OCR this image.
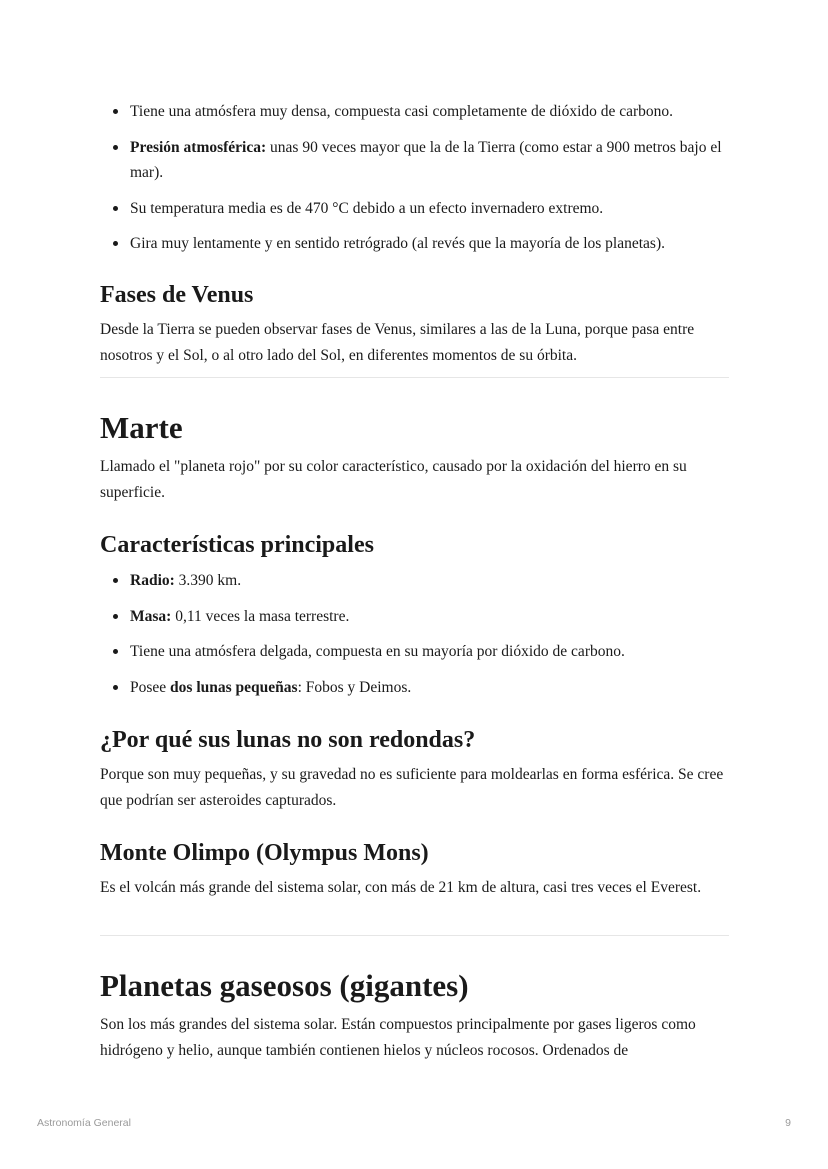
Tiene una atmósfera muy densa, compuesta casi completamente de dióxido de carbono.
Presión atmosférica: unas 90 veces mayor que la de la Tierra (como estar a 900 metros bajo el mar).
Su temperatura media es de 470 °C debido a un efecto invernadero extremo.
Gira muy lentamente y en sentido retrógrado (al revés que la mayoría de los planetas).
Fases de Venus

Desde la Tierra se pueden observar fases de Venus, similares a las de la Luna, porque pasa entre nosotros y el Sol, o al otro lado del Sol, en diferentes momentos de su órbita.

Marte

Llamado el "planeta rojo" por su color característico, causado por la oxidación del hierro en su superficie.

Características principales
Radio: 3.390 km.
Masa: 0,11 veces la masa terrestre.
Tiene una atmósfera delgada, compuesta en su mayoría por dióxido de carbono.
Posee dos lunas pequeñas: Fobos y Deimos.
¿Por qué sus lunas no son redondas?

Porque son muy pequeñas, y su gravedad no es suficiente para moldearlas en forma esférica. Se cree que podrían ser asteroides capturados.

Monte Olimpo (Olympus Mons)

Es el volcán más grande del sistema solar, con más de 21 km de altura, casi tres veces el Everest.

Planetas gaseosos (gigantes)

Son los más grandes del sistema solar. Están compuestos principalmente por gases ligeros como hidrógeno y helio, aunque también contienen hielos y núcleos rocosos. Ordenados de

Astronomía General	9
